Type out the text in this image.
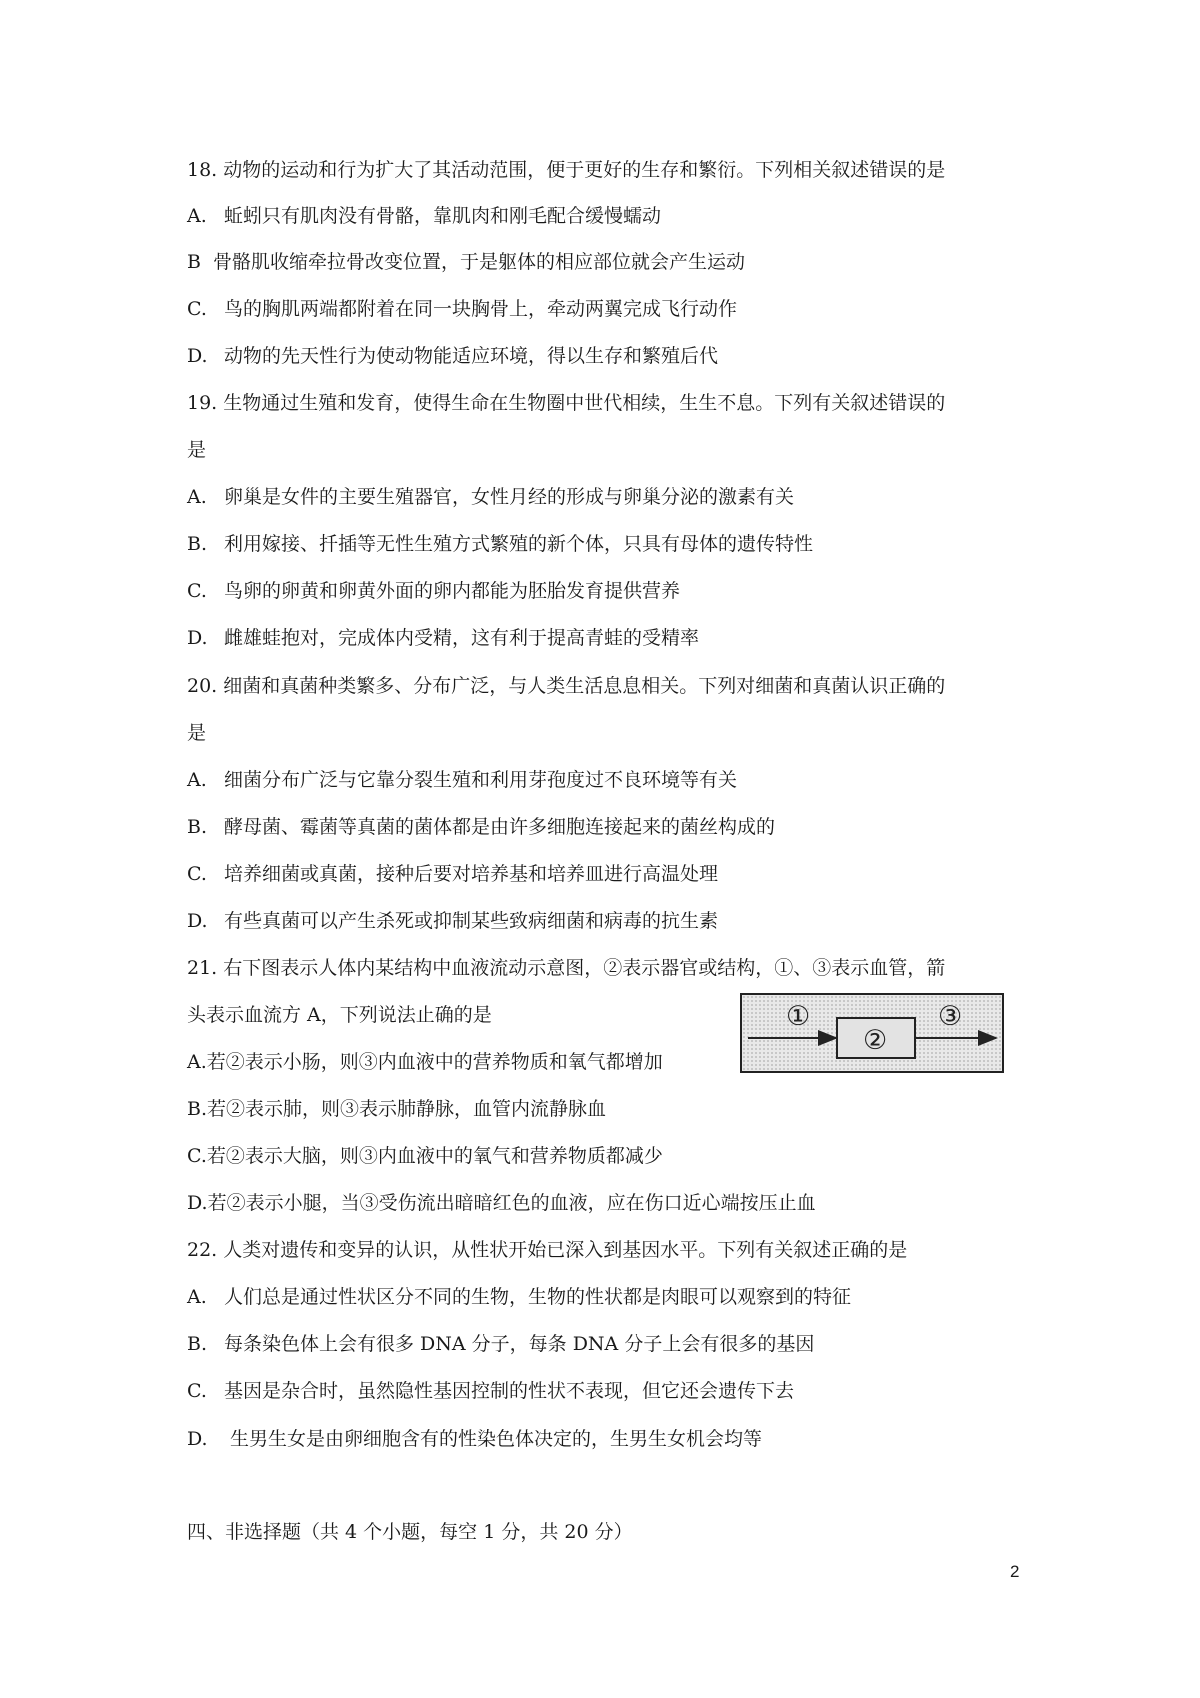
18. 动物的运动和行为扩大了其活动范围，便于更好的生存和繁衍。下列相关叙述错误的是
A. 蚯蚓只有肌肉没有骨骼，靠肌肉和刚毛配合缓慢蠕动
B 骨骼肌收缩牵拉骨改变位置，于是躯体的相应部位就会产生运动
C. 鸟的胸肌两端都附着在同一块胸骨上，牵动两翼完成飞行动作
D. 动物的先天性行为使动物能适应环境，得以生存和繁殖后代
19. 生物通过生殖和发育，使得生命在生物圈中世代相续，生生不息。下列有关叙述错误的
是
A. 卵巢是女件的主要生殖器官，女性月经的形成与卵巢分泌的激素有关
B. 利用嫁接、扦插等无性生殖方式繁殖的新个体，只具有母体的遗传特性
C. 鸟卵的卵黄和卵黄外面的卵内都能为胚胎发育提供营养
D. 雌雄蛙抱对，完成体内受精，这有利于提高青蛙的受精率
20. 细菌和真菌种类繁多、分布广泛，与人类生活息息相关。下列对细菌和真菌认识正确的
是
A. 细菌分布广泛与它靠分裂生殖和利用芽孢度过不良环境等有关
B. 酵母菌、霉菌等真菌的菌体都是由许多细胞连接起来的菌丝构成的
C. 培养细菌或真菌，接种后要对培养基和培养皿进行高温处理
D. 有些真菌可以产生杀死或抑制某些致病细菌和病毒的抗生素
21. 右下图表示人体内某结构中血液流动示意图，②表示器官或结构，①、③表示血管，箭
头表示血流方 A，下列说法止确的是
A.若②表示小肠，则③内血液中的营养物质和氧气都增加
B.若②表示肺，则③表示肺静脉，血管内流静脉血
C.若②表示大脑，则③内血液中的氧气和营养物质都减少
D.若②表示小腿，当③受伤流出暗暗红色的血液，应在伤口近心端按压止血
①
②
③
22. 人类对遗传和变异的认识，从性状开始已深入到基因水平。下列有关叙述正确的是
A. 人们总是通过性状区分不同的生物，生物的性状都是肉眼可以观察到的特征
B. 每条染色体上会有很多 DNA 分子，每条 DNA 分子上会有很多的基因
C. 基因是杂合时，虽然隐性基因控制的性状不表现，但它还会遗传下去
D. 生男生女是由卵细胞含有的性染色体决定的，生男生女机会均等
四、非选择题（共 4 个小题，每空 1 分，共 20 分）
2
